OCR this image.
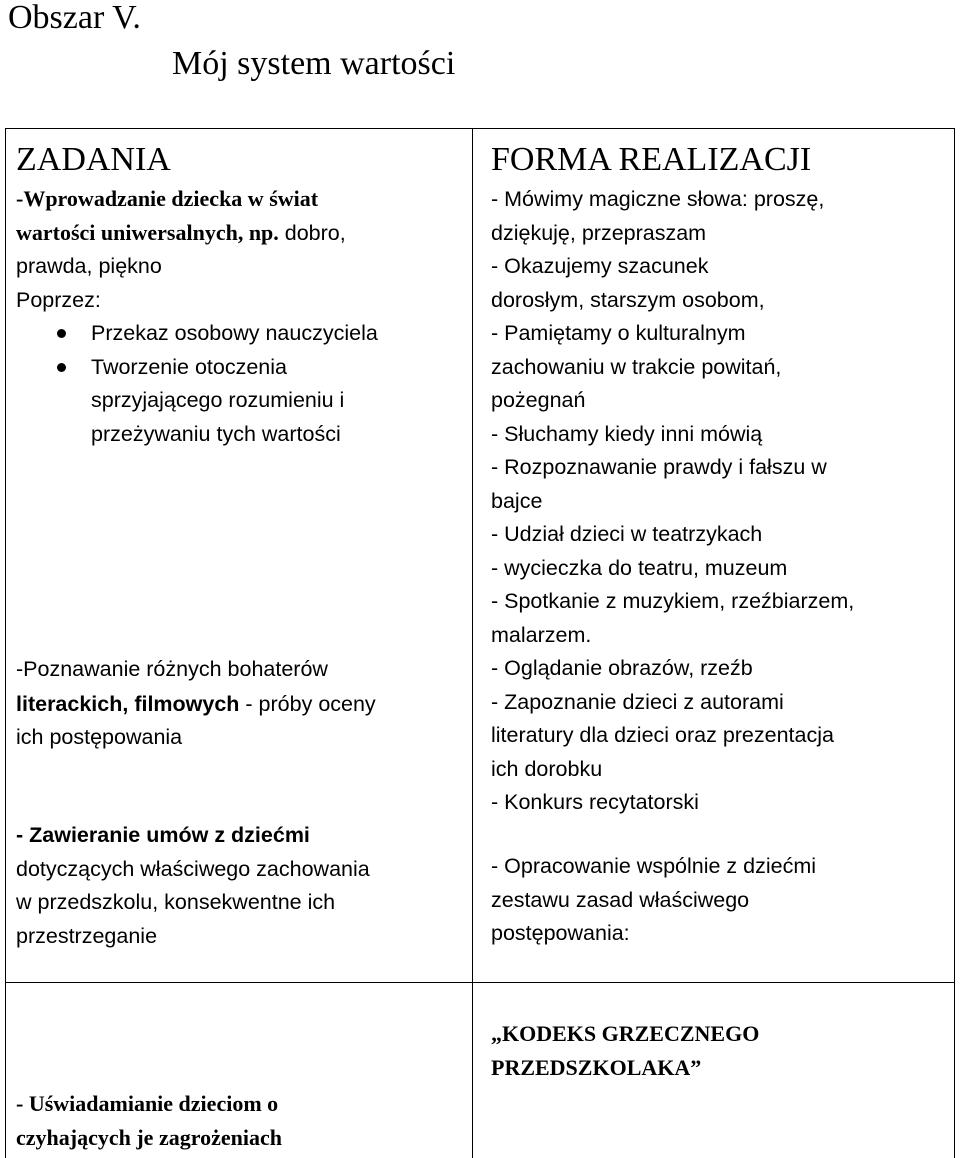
Obszar V.
Mój system wartości
ZADANIA	FORMA REALIZACJI
-Wprowadzanie dziecka w świat
wartości uniwersalnych, np. dobro,
prawda, piękno
Poprzez:
Przekaz osobowy nauczyciela
Tworzenie otoczenia
sprzyjającego rozumieniu i
przeżywaniu tych wartości
-Poznawanie różnych bohaterów
literackich, filmowych - próby oceny
ich postępowania
- Zawieranie umów z dziećmi
dotyczących właściwego zachowania
w przedszkolu, konsekwentne ich
przestrzeganie
- Uświadamianie dzieciom o
czyhających je zagrożeniach
- Mówimy magiczne słowa: proszę,
dziękuję, przepraszam
- Okazujemy szacunek
dorosłym, starszym osobom,
- Pamiętamy o kulturalnym
zachowaniu w trakcie powitań,
pożegnań
- Słuchamy kiedy inni mówią
- Rozpoznawanie prawdy i fałszu w
bajce
- Udział dzieci w teatrzykach
- wycieczka do teatru, muzeum
- Spotkanie z muzykiem, rzeźbiarzem,
malarzem.
- Oglądanie obrazów, rzeźb
- Zapoznanie dzieci z autorami
literatury dla dzieci oraz prezentacja
ich dorobku
- Konkurs recytatorski
- Opracowanie wspólnie z dziećmi
zestawu zasad właściwego
postępowania:
„KODEKS GRZECZNEGO
PRZEDSZKOLAKA”
